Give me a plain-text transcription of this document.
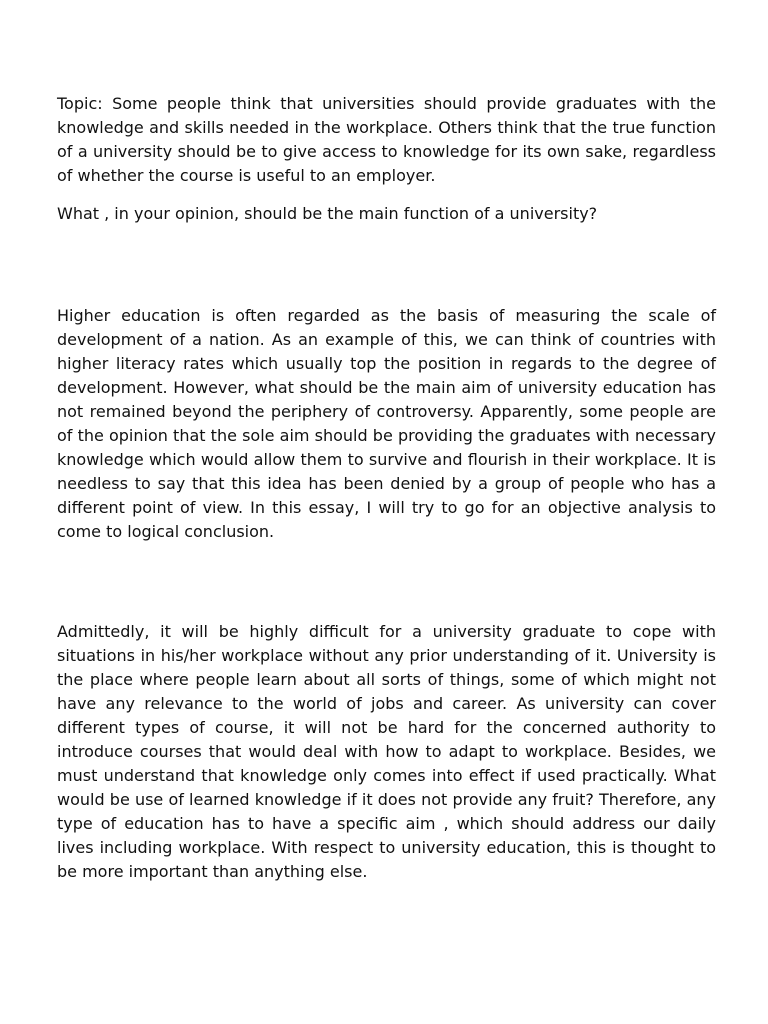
Topic: Some people think that universities should provide graduates with the knowledge and skills needed in the workplace. Others think that the true function of a university should be to give access to knowledge for its own sake, regardless of whether the course is useful to an employer.

What , in your opinion, should be the main function of a university?

Higher education is often regarded as the basis of measuring the scale of development of a nation. As an example of this, we can think of countries with higher literacy rates which usually top the position in regards to the degree of development. However, what should be the main aim of university education has not remained beyond the periphery of controversy. Apparently, some people are of the opinion that the sole aim should be providing the graduates with necessary knowledge which would allow them to survive and flourish in their workplace. It is needless to say that this idea has been denied by a group of people who has a different point of view. In this essay, I will try to go for an objective analysis to come to logical conclusion.

Admittedly, it will be highly difficult for a university graduate to cope with situations in his/her workplace without any prior understanding of it. University is the place where people learn about all sorts of things, some of which might not have any relevance to the world of jobs and career. As university can cover different types of course, it will not be hard for the concerned authority to introduce courses that would deal with how to adapt to workplace. Besides, we must understand that knowledge only comes into effect if used practically. What would be use of learned knowledge if it does not provide any fruit? Therefore, any type of education has to have a specific aim , which should address our daily lives including workplace. With respect to university education, this is thought to be more important than anything else.
